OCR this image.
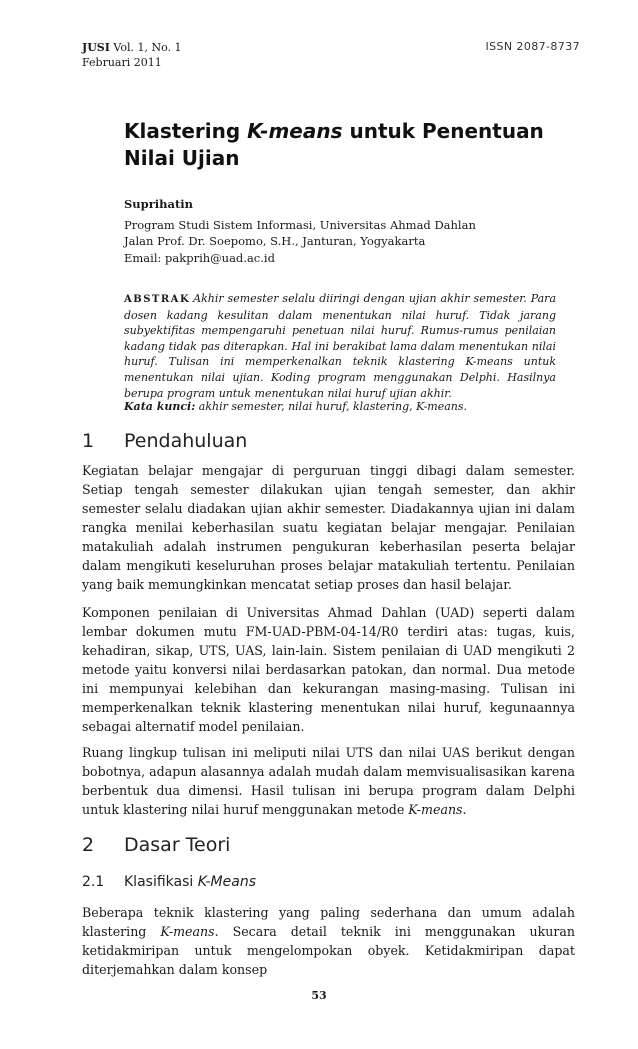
JUSI Vol. 1, No. 1
Februari 2011
ISSN 2087-8737
Klastering K-means untuk Penentuan Nilai Ujian
Suprihatin
Program Studi Sistem Informasi, Universitas Ahmad Dahlan
Jalan Prof. Dr. Soepomo, S.H., Janturan, Yogyakarta
Email: pakprih@uad.ac.id
ABSTRAK Akhir semester selalu diiringi dengan ujian akhir semester. Para dosen kadang kesulitan dalam menentukan nilai huruf. Tidak jarang subyektifitas mempengaruhi penetuan nilai huruf. Rumus-rumus penilaian kadang tidak pas diterapkan. Hal ini berakibat lama dalam menentukan nilai huruf. Tulisan ini memperkenalkan teknik klastering K-means untuk menentukan nilai ujian. Koding program menggunakan Delphi. Hasilnya berupa program untuk menentukan nilai huruf ujian akhir.
Kata kunci: akhir semester, nilai huruf, klastering, K-means.
1 Pendahuluan
Kegiatan belajar mengajar di perguruan tinggi dibagi dalam semester. Setiap tengah semester dilakukan ujian tengah semester, dan akhir semester selalu diadakan ujian akhir semester. Diadakannya ujian ini dalam rangka menilai keberhasilan suatu kegiatan belajar mengajar. Penilaian matakuliah adalah instrumen pengukuran keberhasilan peserta belajar dalam mengikuti keseluruhan proses belajar matakuliah tertentu. Penilaian yang baik memungkinkan mencatat setiap proses dan hasil belajar.
Komponen penilaian di Universitas Ahmad Dahlan (UAD) seperti dalam lembar dokumen mutu FM-UAD-PBM-04-14/R0 terdiri atas: tugas, kuis, kehadiran, sikap, UTS, UAS, lain-lain. Sistem penilaian di UAD mengikuti 2 metode yaitu konversi nilai berdasarkan patokan, dan normal. Dua metode ini mempunyai kelebihan dan kekurangan masing-masing. Tulisan ini memperkenalkan teknik klastering menentukan nilai huruf, kegunaannya sebagai alternatif model penilaian.
Ruang lingkup tulisan ini meliputi nilai UTS dan nilai UAS berikut dengan bobotnya, adapun alasannya adalah mudah dalam memvisualisasikan karena berbentuk dua dimensi. Hasil tulisan ini berupa program dalam Delphi untuk klastering nilai huruf menggunakan metode K-means.
2 Dasar Teori
2.1 Klasifikasi K-Means
Beberapa teknik klastering yang paling sederhana dan umum adalah klastering K-means. Secara detail teknik ini menggunakan ukuran ketidakmiripan untuk mengelompokan obyek. Ketidakmiripan dapat diterjemahkan dalam konsep
53
